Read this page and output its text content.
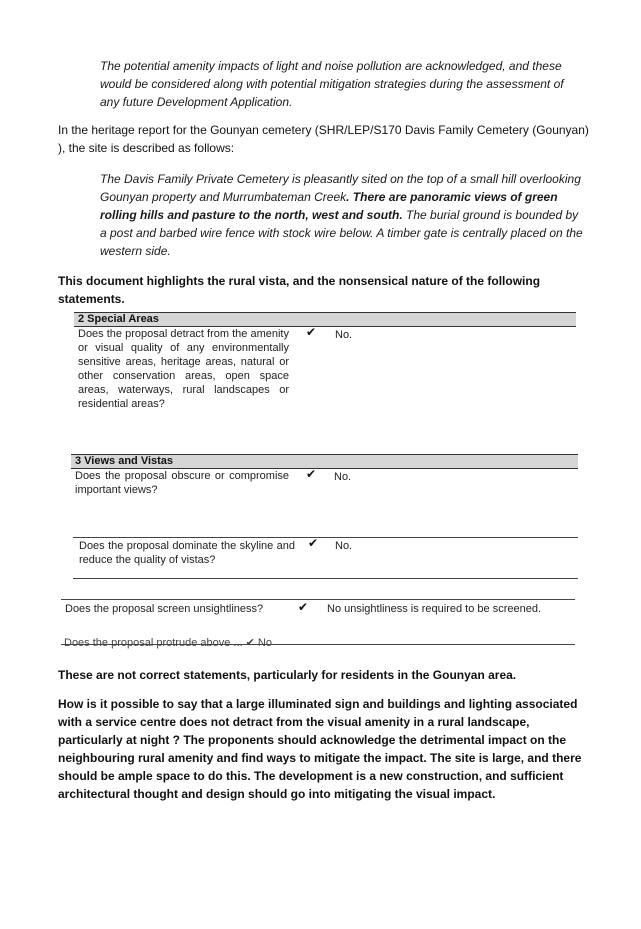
The potential amenity impacts of light and noise pollution are acknowledged, and these would be considered along with potential mitigation strategies during the assessment of any future Development Application.
In the heritage report for the Gounyan cemetery (SHR/LEP/S170 Davis Family Cemetery (Gounyan) ), the site is described as follows:
The Davis Family Private Cemetery is pleasantly sited on the top of a small hill overlooking Gounyan property and Murrumbateman Creek. There are panoramic views of green rolling hills and pasture to the north, west and south. The burial ground is bounded by a post and barbed wire fence with stock wire below. A timber gate is centrally placed on the western side.
This document highlights the rural vista, and the nonsensical nature of the following statements.
2 Special Areas
Does the proposal detract from the amenity or visual quality of any environmentally sensitive areas, heritage areas, natural or other conservation areas, open space areas, waterways, rural landscapes or residential areas?
✔ No.
3 Views and Vistas
Does the proposal obscure or compromise important views?
✔ No.
Does the proposal dominate the skyline and reduce the quality of vistas?
✔ No.
Does the proposal screen unsightliness?	✔ No unsightliness is required to be screened.
Does the proposal protrude above ... ✔ No
These are not correct statements, particularly for residents in the Gounyan area.
How is it possible to say that a large illuminated sign and buildings and lighting associated with a service centre does not detract from the visual amenity in a rural landscape, particularly at night ? The proponents should acknowledge the detrimental impact on the neighbouring rural amenity and find ways to mitigate the impact. The site is large, and there should be ample space to do this. The development is a new construction, and sufficient architectural thought and design should go into mitigating the visual impact.
